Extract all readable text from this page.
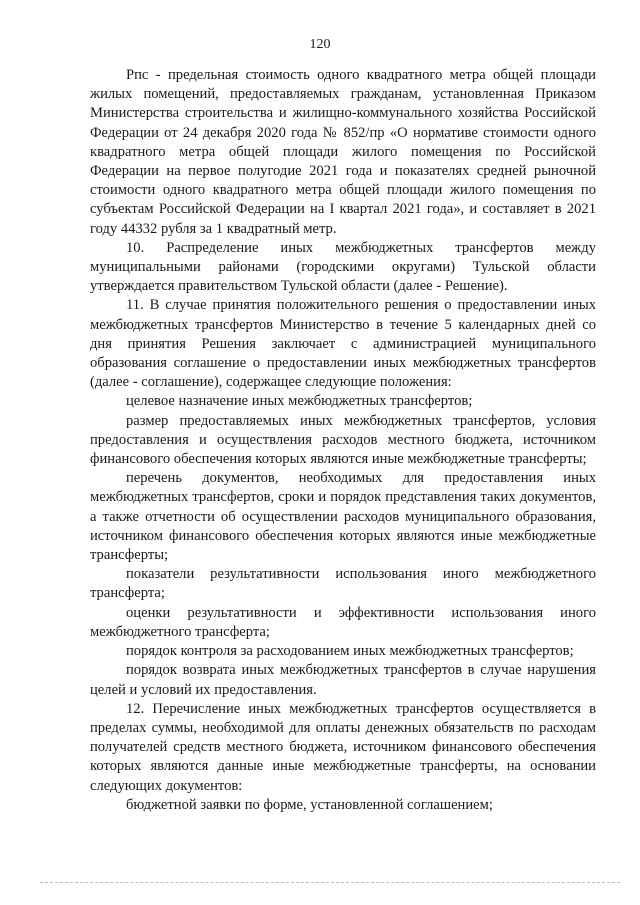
120

Рпс - предельная стоимость одного квадратного метра общей площади жилых помещений, предоставляемых гражданам, установленная Приказом Министерства строительства и жилищно-коммунального хозяйства Российской Федерации от 24 декабря 2020 года № 852/пр «О нормативе стоимости одного квадратного метра общей площади жилого помещения по Российской Федерации на первое полугодие 2021 года и показателях средней рыночной стоимости одного квадратного метра общей площади жилого помещения по субъектам Российской Федерации на I квартал 2021 года», и составляет в 2021 году 44332 рубля за 1 квадратный метр.

10. Распределение иных межбюджетных трансфертов между муниципальными районами (городскими округами) Тульской области утверждается правительством Тульской области (далее - Решение).

11. В случае принятия положительного решения о предоставлении иных межбюджетных трансфертов Министерство в течение 5 календарных дней со дня принятия Решения заключает с администрацией муниципального образования соглашение о предоставлении иных межбюджетных трансфертов (далее - соглашение), содержащее следующие положения:

целевое назначение иных межбюджетных трансфертов;

размер предоставляемых иных межбюджетных трансфертов, условия предоставления и осуществления расходов местного бюджета, источником финансового обеспечения которых являются иные межбюджетные трансферты;

перечень документов, необходимых для предоставления иных межбюджетных трансфертов, сроки и порядок представления таких документов, а также отчетности об осуществлении расходов муниципального образования, источником финансового обеспечения которых являются иные межбюджетные трансферты;

показатели результативности использования иного межбюджетного трансферта;

оценки результативности и эффективности использования иного межбюджетного трансферта;

порядок контроля за расходованием иных межбюджетных трансфертов;

порядок возврата иных межбюджетных трансфертов в случае нарушения целей и условий их предоставления.

12. Перечисление иных межбюджетных трансфертов осуществляется в пределах суммы, необходимой для оплаты денежных обязательств по расходам получателей средств местного бюджета, источником финансового обеспечения которых являются данные иные межбюджетные трансферты, на основании следующих документов:

бюджетной заявки по форме, установленной соглашением;
